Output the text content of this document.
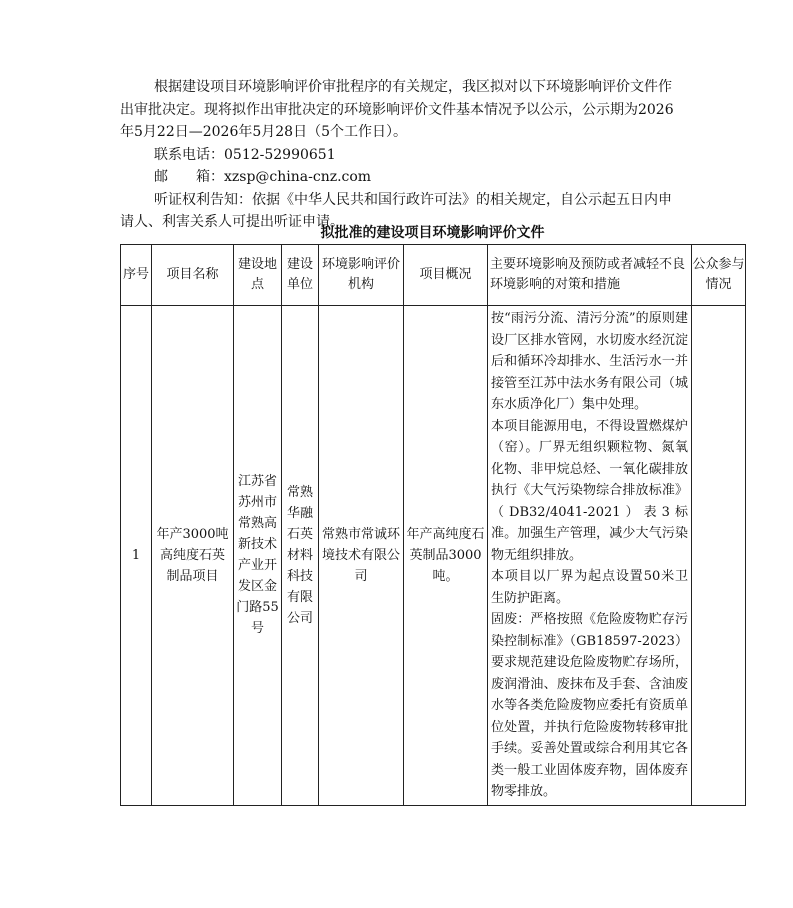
根据建设项目环境影响评价审批程序的有关规定，我区拟对以下环境影响评价文件作出审批决定。现将拟作出审批决定的环境影响评价文件基本情况予以公示，公示期为2026年5月22日—2026年5月28日（5个工作日）。

联系电话：0512-52990651

邮　　箱：xzsp@china-cnz.com

听证权利告知：依据《中华人民共和国行政许可法》的相关规定，自公示起五日内申请人、利害关系人可提出听证申请。

拟批准的建设项目环境影响评价文件
序号	项目名称	建设地点	建设单位	环境影响评价机构	项目概况	主要环境影响及预防或者减轻不良环境影响的对策和措施	公众参与情况
1	年产3000吨高纯度石英制品项目	江苏省苏州市常熟高新技术产业开发区金门路55号	常熟华融石英材料科技有限公司	常熟市常诚环境技术有限公司	年产高纯度石英制品3000吨。	按“雨污分流、清污分流”的原则建设厂区排水管网，水切废水经沉淀后和循环冷却排水、生活污水一并接管至江苏中法水务有限公司（城东水质净化厂）集中处理。
本项目能源用电，不得设置燃煤炉（窑）。厂界无组织颗粒物、氮氧化物、非甲烷总烃、一氧化碳排放执行《大气污染物综合排放标准》（DB32/4041-2021）表3标准。加强生产管理，减少大气污染物无组织排放。
本项目以厂界为起点设置50米卫生防护距离。
固废：严格按照《危险废物贮存污染控制标准》（GB18597-2023）要求规范建设危险废物贮存场所，废润滑油、废抹布及手套、含油废水等各类危险废物应委托有资质单位处置，并执行危险废物转移审批手续。妥善处置或综合利用其它各类一般工业固体废弃物，固体废弃物零排放。	
